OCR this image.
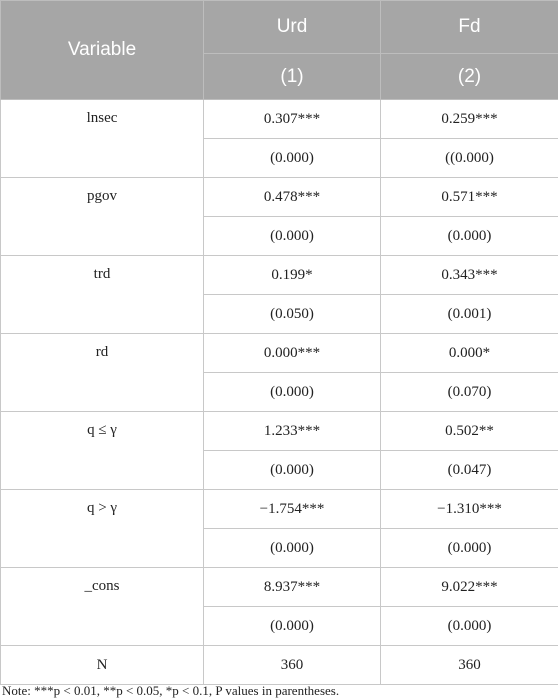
Variable	Urd	Fd
	(1)	(2)
lnsec	0.307***	0.259***
	(0.000)	((0.000)
pgov	0.478***	0.571***
	(0.000)	(0.000)
trd	0.199*	0.343***
	(0.050)	(0.001)
rd	0.000***	0.000*
	(0.000)	(0.070)
q ≤ γ	1.233***	0.502**
	(0.000)	(0.047)
q > γ	−1.754***	−1.310***
	(0.000)	(0.000)
_cons	8.937***	9.022***
	(0.000)	(0.000)
N	360	360
Note: ***p < 0.01, **p < 0.05, *p < 0.1, P values in parentheses.
